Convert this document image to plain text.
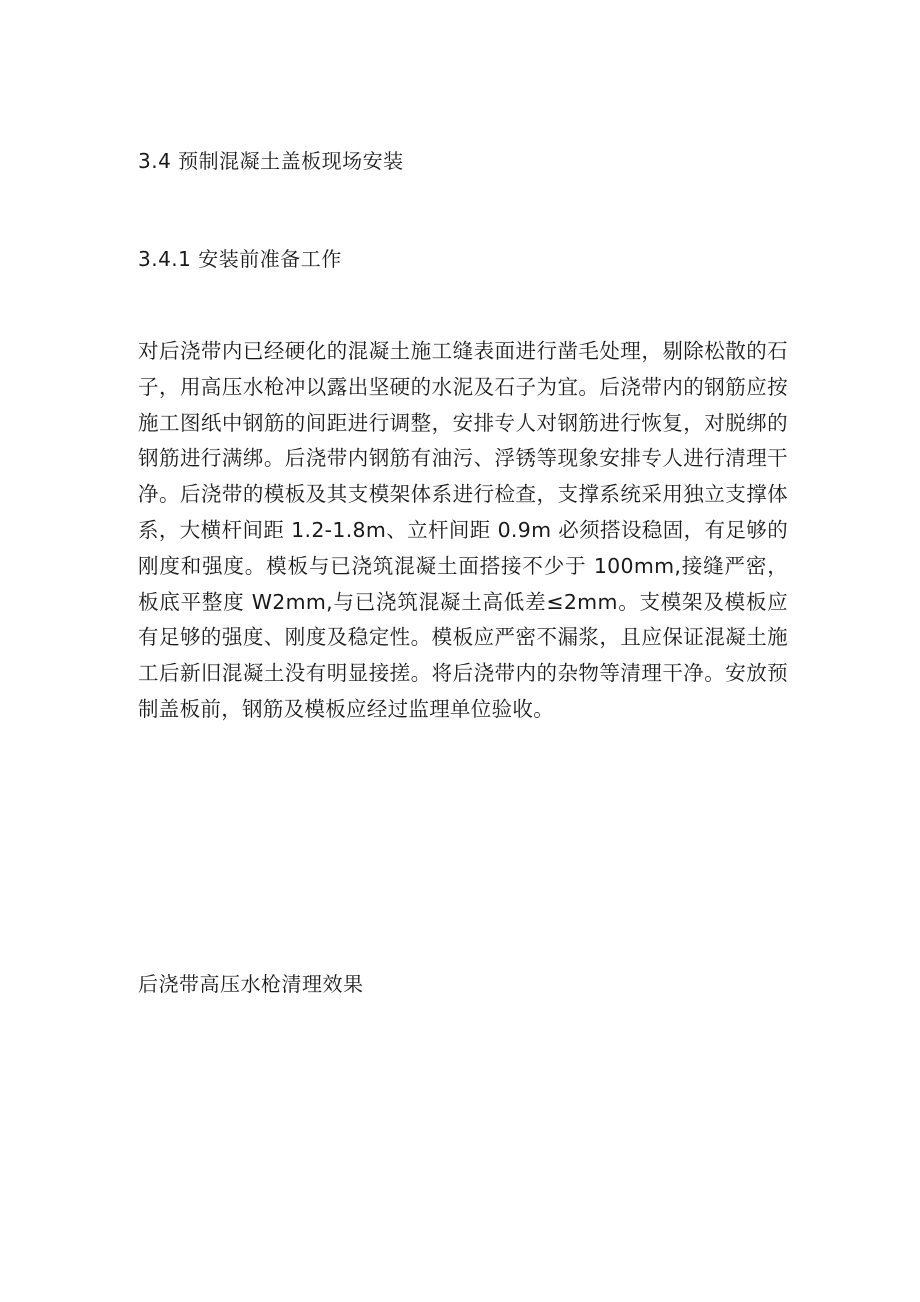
3.4 预制混凝土盖板现场安装
3.4.1 安装前准备工作
对后浇带内已经硬化的混凝土施工缝表面进行凿毛处理，剔除松散的石子，用高压水枪冲以露出坚硬的水泥及石子为宜。后浇带内的钢筋应按施工图纸中钢筋的间距进行调整，安排专人对钢筋进行恢复，对脱绑的钢筋进行满绑。后浇带内钢筋有油污、浮锈等现象安排专人进行清理干净。后浇带的模板及其支模架体系进行检查，支撑系统采用独立支撑体系，大横杆间距 1.2-1.8m、立杆间距 0.9m 必须搭设稳固，有足够的刚度和强度。模板与已浇筑混凝土面搭接不少于 100mm,接缝严密，板底平整度 W2mm,与已浇筑混凝土高低差≤2mm。支模架及模板应有足够的强度、刚度及稳定性。模板应严密不漏浆，且应保证混凝土施工后新旧混凝土没有明显接搓。将后浇带内的杂物等清理干净。安放预制盖板前，钢筋及模板应经过监理单位验收。
后浇带高压水枪清理效果
